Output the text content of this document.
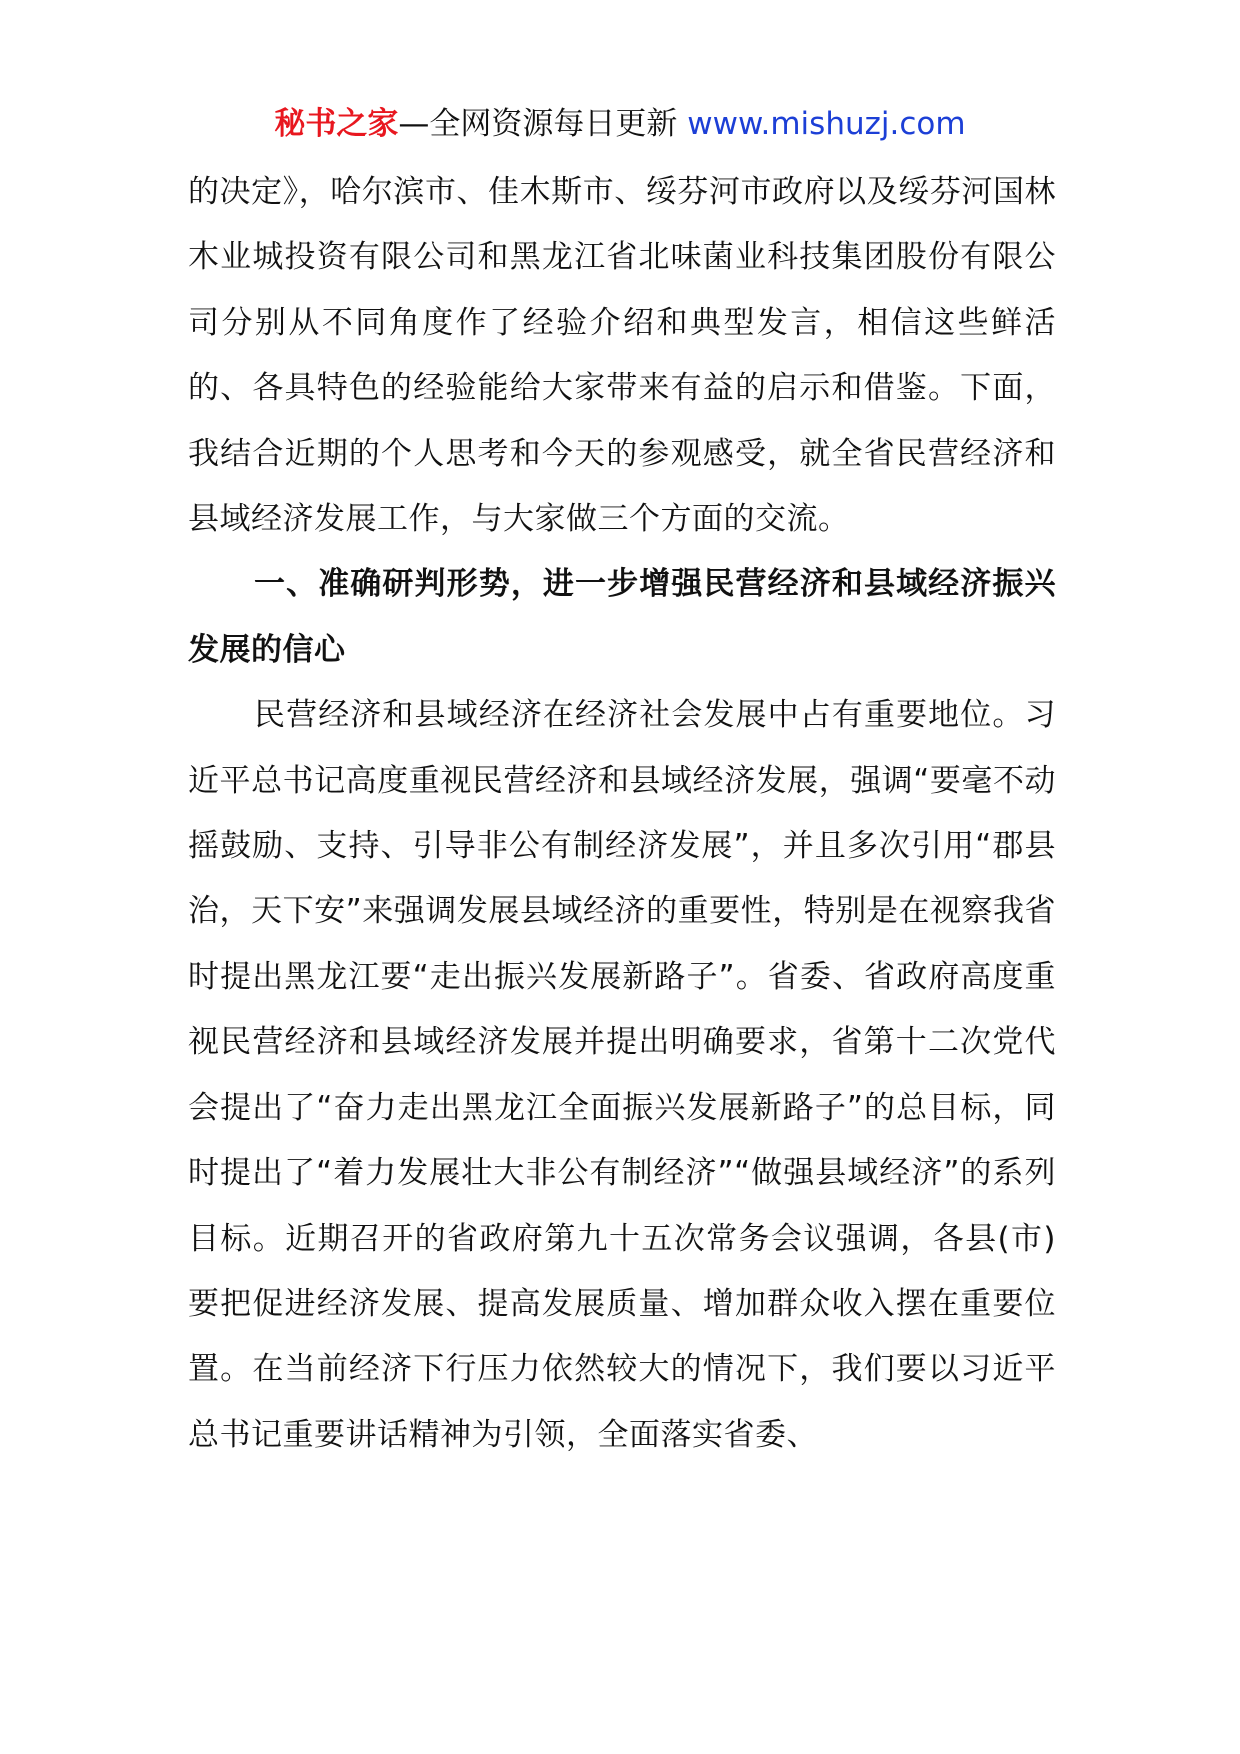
秘书之家—全网资源每日更新 www.mishuzj.com

的决定》，哈尔滨市、佳木斯市、绥芬河市政府以及绥芬河国林木业城投资有限公司和黑龙江省北味菌业科技集团股份有限公司分别从不同角度作了经验介绍和典型发言，相信这些鲜活的、各具特色的经验能给大家带来有益的启示和借鉴。下面，我结合近期的个人思考和今天的参观感受，就全省民营经济和县域经济发展工作，与大家做三个方面的交流。

一、准确研判形势，进一步增强民营经济和县域经济振兴发展的信心

民营经济和县域经济在经济社会发展中占有重要地位。习近平总书记高度重视民营经济和县域经济发展，强调“要毫不动摇鼓励、支持、引导非公有制经济发展”，并且多次引用“郡县治，天下安”来强调发展县域经济的重要性，特别是在视察我省时提出黑龙江要“走出振兴发展新路子”。省委、省政府高度重视民营经济和县域经济发展并提出明确要求，省第十二次党代会提出了“奋力走出黑龙江全面振兴发展新路子”的总目标，同时提出了“着力发展壮大非公有制经济”“做强县域经济”的系列目标。近期召开的省政府第九十五次常务会议强调，各县(市)要把促进经济发展、提高发展质量、增加群众收入摆在重要位置。在当前经济下行压力依然较大的情况下，我们要以习近平总书记重要讲话精神为引领，全面落实省委、
